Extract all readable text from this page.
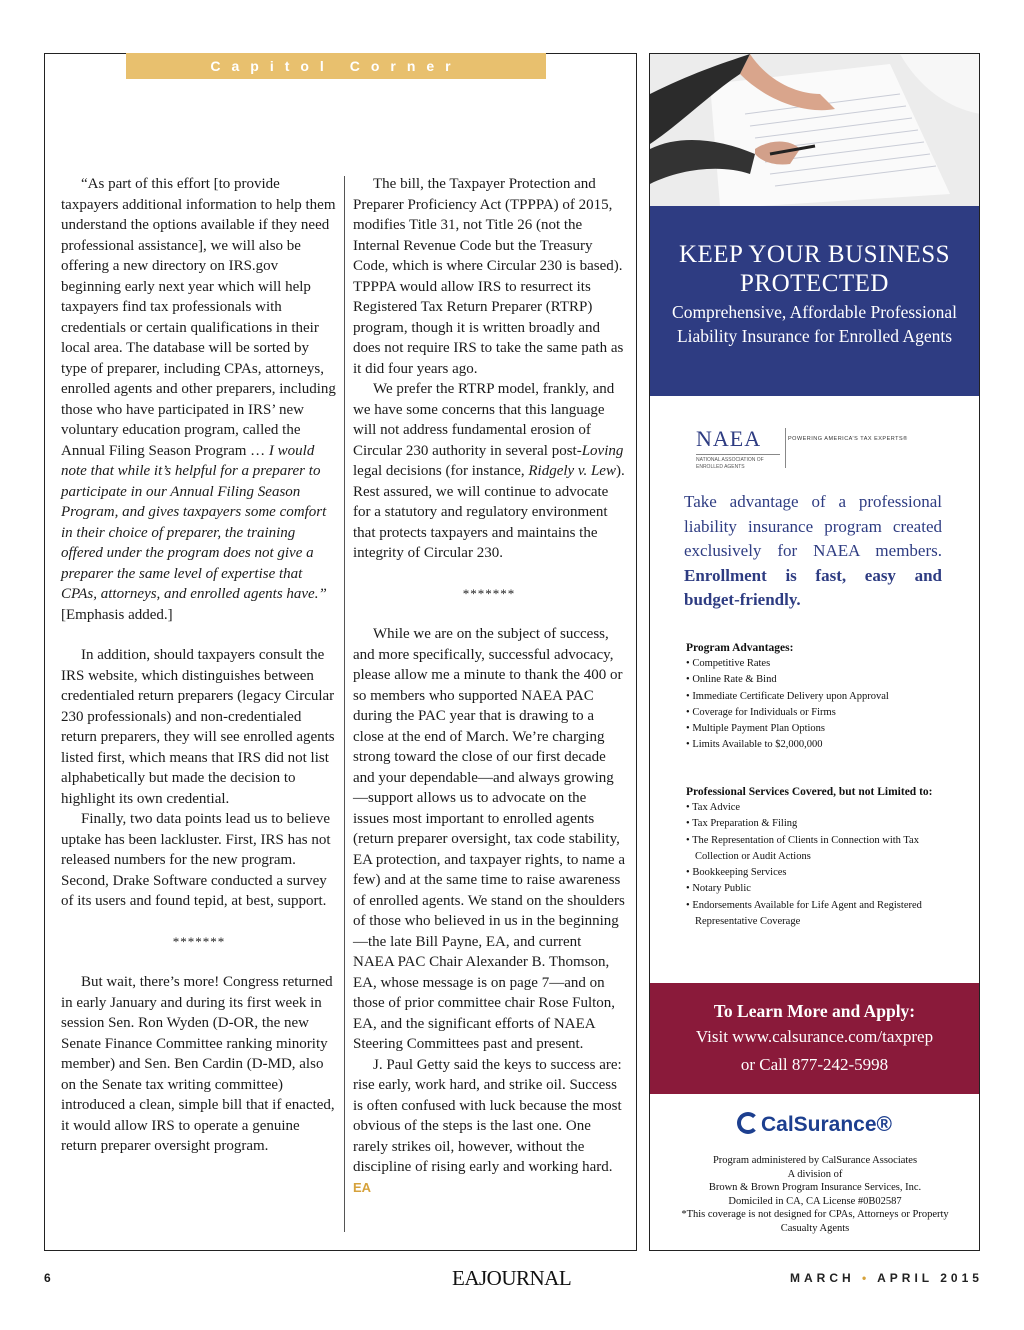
Capitol Corner

“As part of this effort [to provide taxpayers additional information to help them understand the options available if they need professional assistance], we will also be offering a new directory on IRS.gov beginning early next year which will help taxpayers find tax professionals with credentials or certain qualifications in their local area. The database will be sorted by type of preparer, including CPAs, attorneys, enrolled agents and other preparers, including those who have participated in IRS’ new voluntary education program, called the Annual Filing Season Program … I would note that while it’s helpful for a preparer to participate in our Annual Filing Season Program, and gives taxpayers some comfort in their choice of preparer, the training offered under the program does not give a preparer the same level of expertise that CPAs, attorneys, and enrolled agents have.” [Emphasis added.]

In addition, should taxpayers consult the IRS website, which distinguishes between credentialed return preparers (legacy Circular 230 professionals) and non-credentialed return preparers, they will see enrolled agents listed first, which means that IRS did not list alphabetically but made the decision to highlight its own credential.

Finally, two data points lead us to believe uptake has been lackluster. First, IRS has not released numbers for the new program. Second, Drake Software conducted a survey of its users and found tepid, at best, support.

*******

But wait, there’s more! Congress returned in early January and during its first week in session Sen. Ron Wyden (D-OR, the new Senate Finance Committee ranking minority member) and Sen. Ben Cardin (D-MD, also on the Senate tax writing committee) introduced a clean, simple bill that if enacted, it would allow IRS to operate a genuine return preparer oversight program.

The bill, the Taxpayer Protection and Preparer Proficiency Act (TPPPA) of 2015, modifies Title 31, not Title 26 (not the Internal Revenue Code but the Treasury Code, which is where Circular 230 is based). TPPPA would allow IRS to resurrect its Registered Tax Return Preparer (RTRP) program, though it is written broadly and does not require IRS to take the same path as it did four years ago.

We prefer the RTRP model, frankly, and we have some concerns that this language will not address fundamental erosion of Circular 230 authority in several post-Loving legal decisions (for instance, Ridgely v. Lew). Rest assured, we will continue to advocate for a statutory and regulatory environment that protects taxpayers and maintains the integrity of Circular 230.

*******

While we are on the subject of success, and more specifically, successful advocacy, please allow me a minute to thank the 400 or so members who supported NAEA PAC during the PAC year that is drawing to a close at the end of March. We’re charging strong toward the close of our first decade and your dependable—and always growing—support allows us to advocate on the issues most important to enrolled agents (return preparer oversight, tax code stability, EA protection, and taxpayer rights, to name a few) and at the same time to raise awareness of enrolled agents. We stand on the shoulders of those who believed in us in the beginning—the late Bill Payne, EA, and current NAEA PAC Chair Alexander B. Thomson, EA, whose message is on page 7—and on those of prior committee chair Rose Fulton, EA, and the significant efforts of NAEA Steering Committees past and present.

J. Paul Getty said the keys to success are: rise early, work hard, and strike oil. Success is often confused with luck because the most obvious of the steps is the last one. One rarely strikes oil, however, without the discipline of rising early and working hard. EA

KEEP YOUR BUSINESS PROTECTED
Comprehensive, Affordable Professional Liability Insurance for Enrolled Agents
NAEA	POWERING AMERICA’S TAX EXPERTS®
NATIONAL ASSOCIATION OF ENROLLED AGENTS
Take advantage of a professional liability insurance program created exclusively for NAEA members. Enrollment is fast, easy and budget-friendly.
Program Advantages:
• Competitive Rates
• Online Rate & Bind
• Immediate Certificate Delivery upon Approval
• Coverage for Individuals or Firms
• Multiple Payment Plan Options
• Limits Available to $2,000,000
Professional Services Covered, but not Limited to:
• Tax Advice
• Tax Preparation & Filing
• The Representation of Clients in Connection with Tax Collection or Audit Actions
• Bookkeeping Services
• Notary Public
• Endorsements Available for Life Agent and Registered Representative Coverage
To Learn More and Apply:
Visit www.calsurance.com/taxprep
or Call 877-242-5998
CalSurance®
Program administered by CalSurance Associates
A division of
Brown & Brown Program Insurance Services, Inc.
Domiciled in CA, CA License #0B02587
*This coverage is not designed for CPAs, Attorneys or Property Casualty Agents
6	EAJOURNAL	MARCH • APRIL 2015
